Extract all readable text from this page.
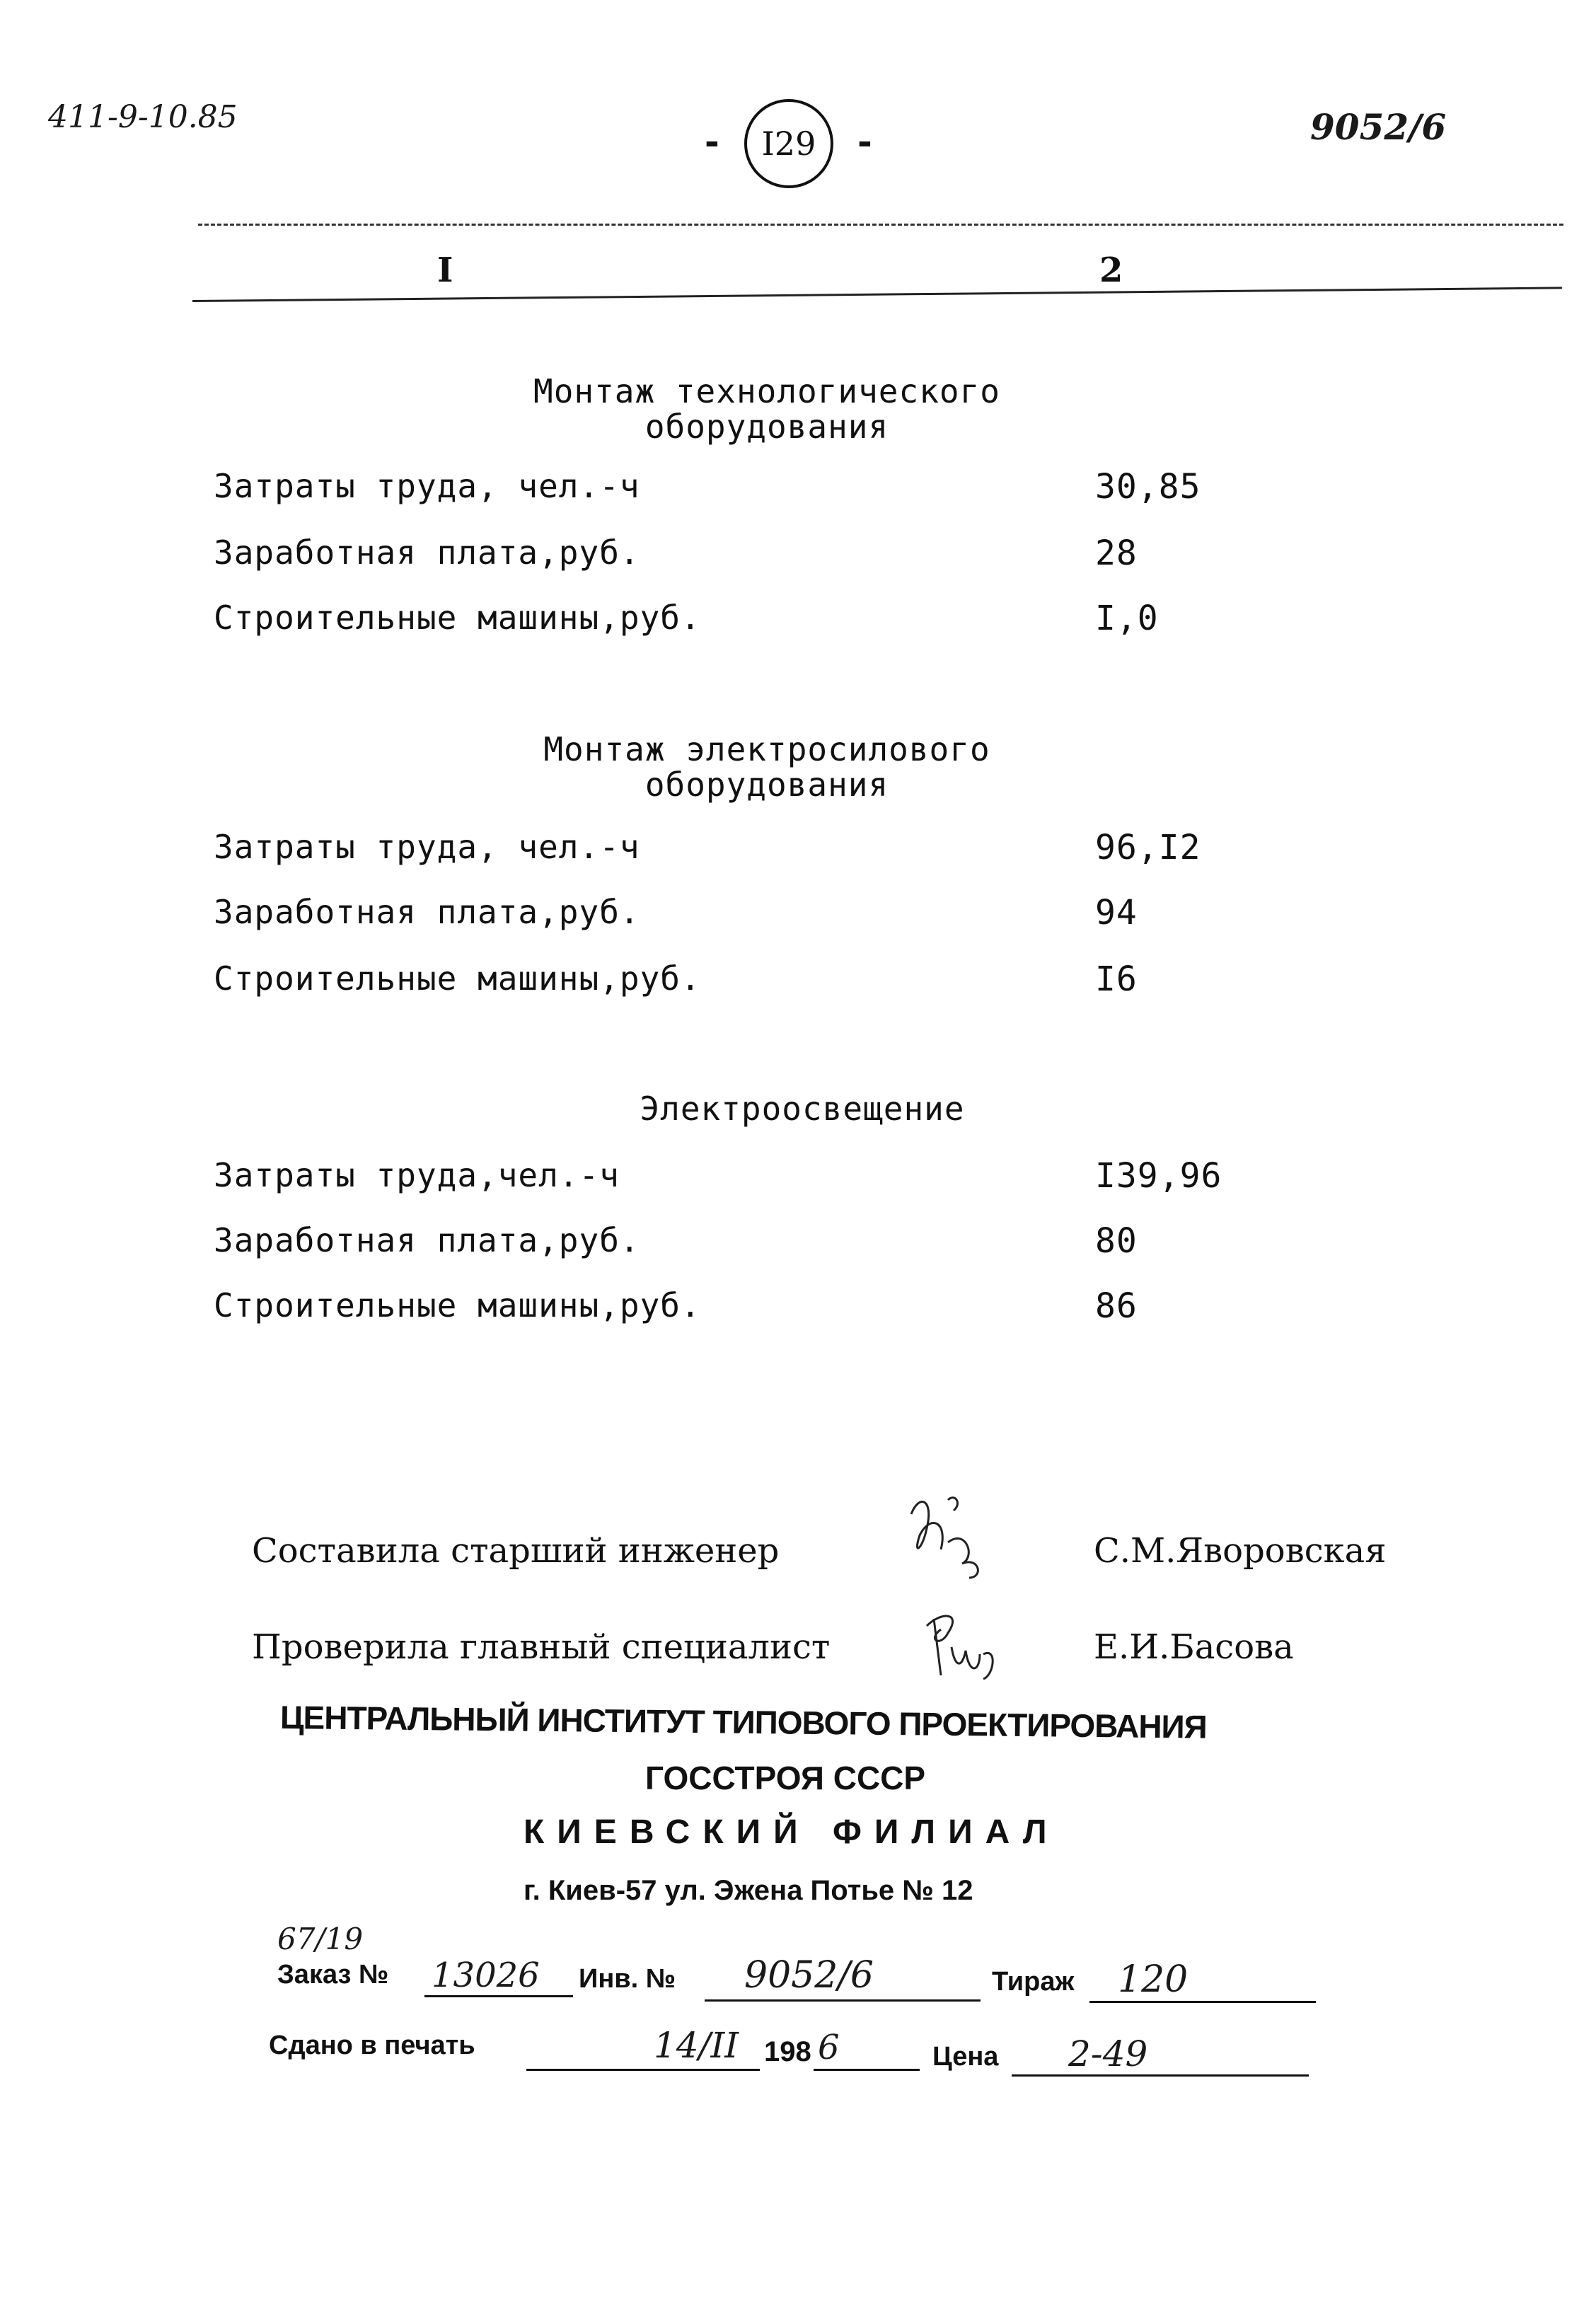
411-9-10.85
- I29 -	9052/6
I	2
Монтаж технологического
оборудования
Затраты труда, чел.-ч	30,85
Заработная плата,руб.	28
Строительные машины,руб.	I,0
Монтаж электросилового
оборудования
Затраты труда, чел.-ч	96,I2
Заработная плата,руб.	94
Строительные машины,руб.	I6
Электроосвещение
Затраты труда,чел.-ч	I39,96
Заработная плата,руб.	80
Строительные машины,руб.	86
Составила старший инженер	С.М.Яворовская
Проверила главный специалист	Е.И.Басова
ЦЕНТРАЛЬНЫЙ ИНСТИТУТ ТИПОВОГО ПРОЕКТИРОВАНИЯ
ГОССТРОЯ СССР
КИЕВСКИЙ ФИЛИАЛ
г. Киев-57 ул. Эжена Потье № 12
67/19
Заказ № 13026 Инв. № 9052/6	Тираж 120
Сдано в печать	14/II 198 6	Цена 2-49
